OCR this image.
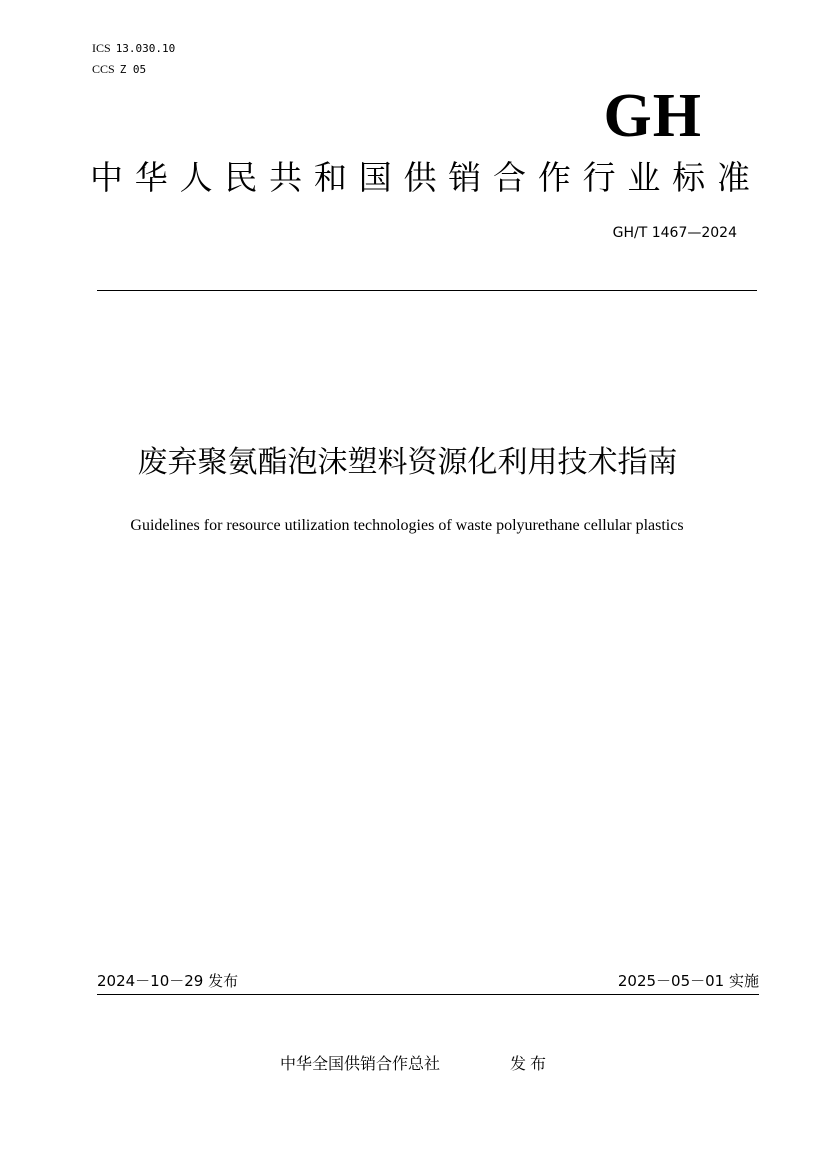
ICS 13.030.10
CCS Z 05
GH
中 华 人 民 共 和 国 供 销 合 作 行 业 标 准
GH/T 1467—2024
废弃聚氨酯泡沫塑料资源化利用技术指南
Guidelines for resource utilization technologies of waste polyurethane cellular plastics
2024－10－29 发布	2025－05－01 实施
中华全国供销合作总社	发布
